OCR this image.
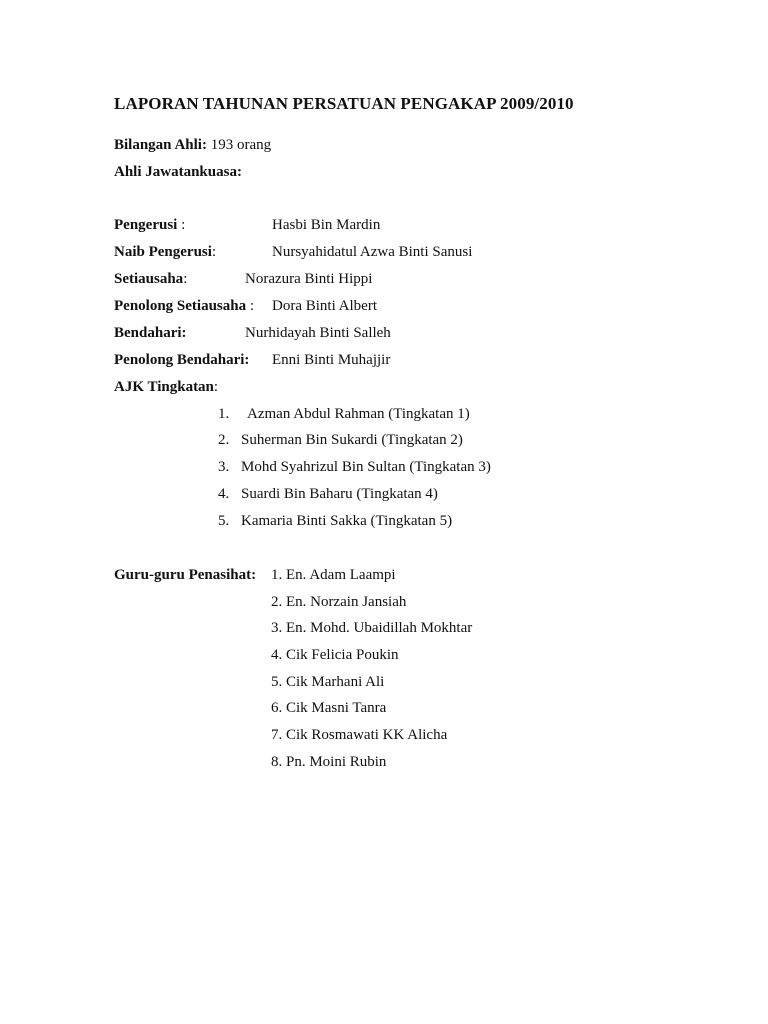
LAPORAN TAHUNAN PERSATUAN PENGAKAP 2009/2010
Bilangan Ahli: 193 orang
Ahli Jawatankuasa:
Pengerusi :	Hasbi Bin Mardin
Naib Pengerusi:	Nursyahidatul Azwa Binti Sanusi
Setiausaha:	Norazura Binti Hippi
Penolong Setiausaha : Dora Binti Albert
Bendahari:	Nurhidayah Binti Salleh
Penolong Bendahari: Enni Binti Muhajjir
AJK Tingkatan:
1. Azman Abdul Rahman (Tingkatan 1)
2. Suherman Bin Sukardi (Tingkatan 2)
3. Mohd Syahrizul Bin Sultan (Tingkatan 3)
4. Suardi Bin Baharu (Tingkatan 4)
5. Kamaria Binti Sakka (Tingkatan 5)
Guru-guru Penasihat: 1. En. Adam Laampi
2. En. Norzain Jansiah
3. En. Mohd. Ubaidillah Mokhtar
4. Cik Felicia Poukin
5. Cik Marhani Ali
6. Cik Masni Tanra
7. Cik Rosmawati KK Alicha
8. Pn. Moini Rubin
